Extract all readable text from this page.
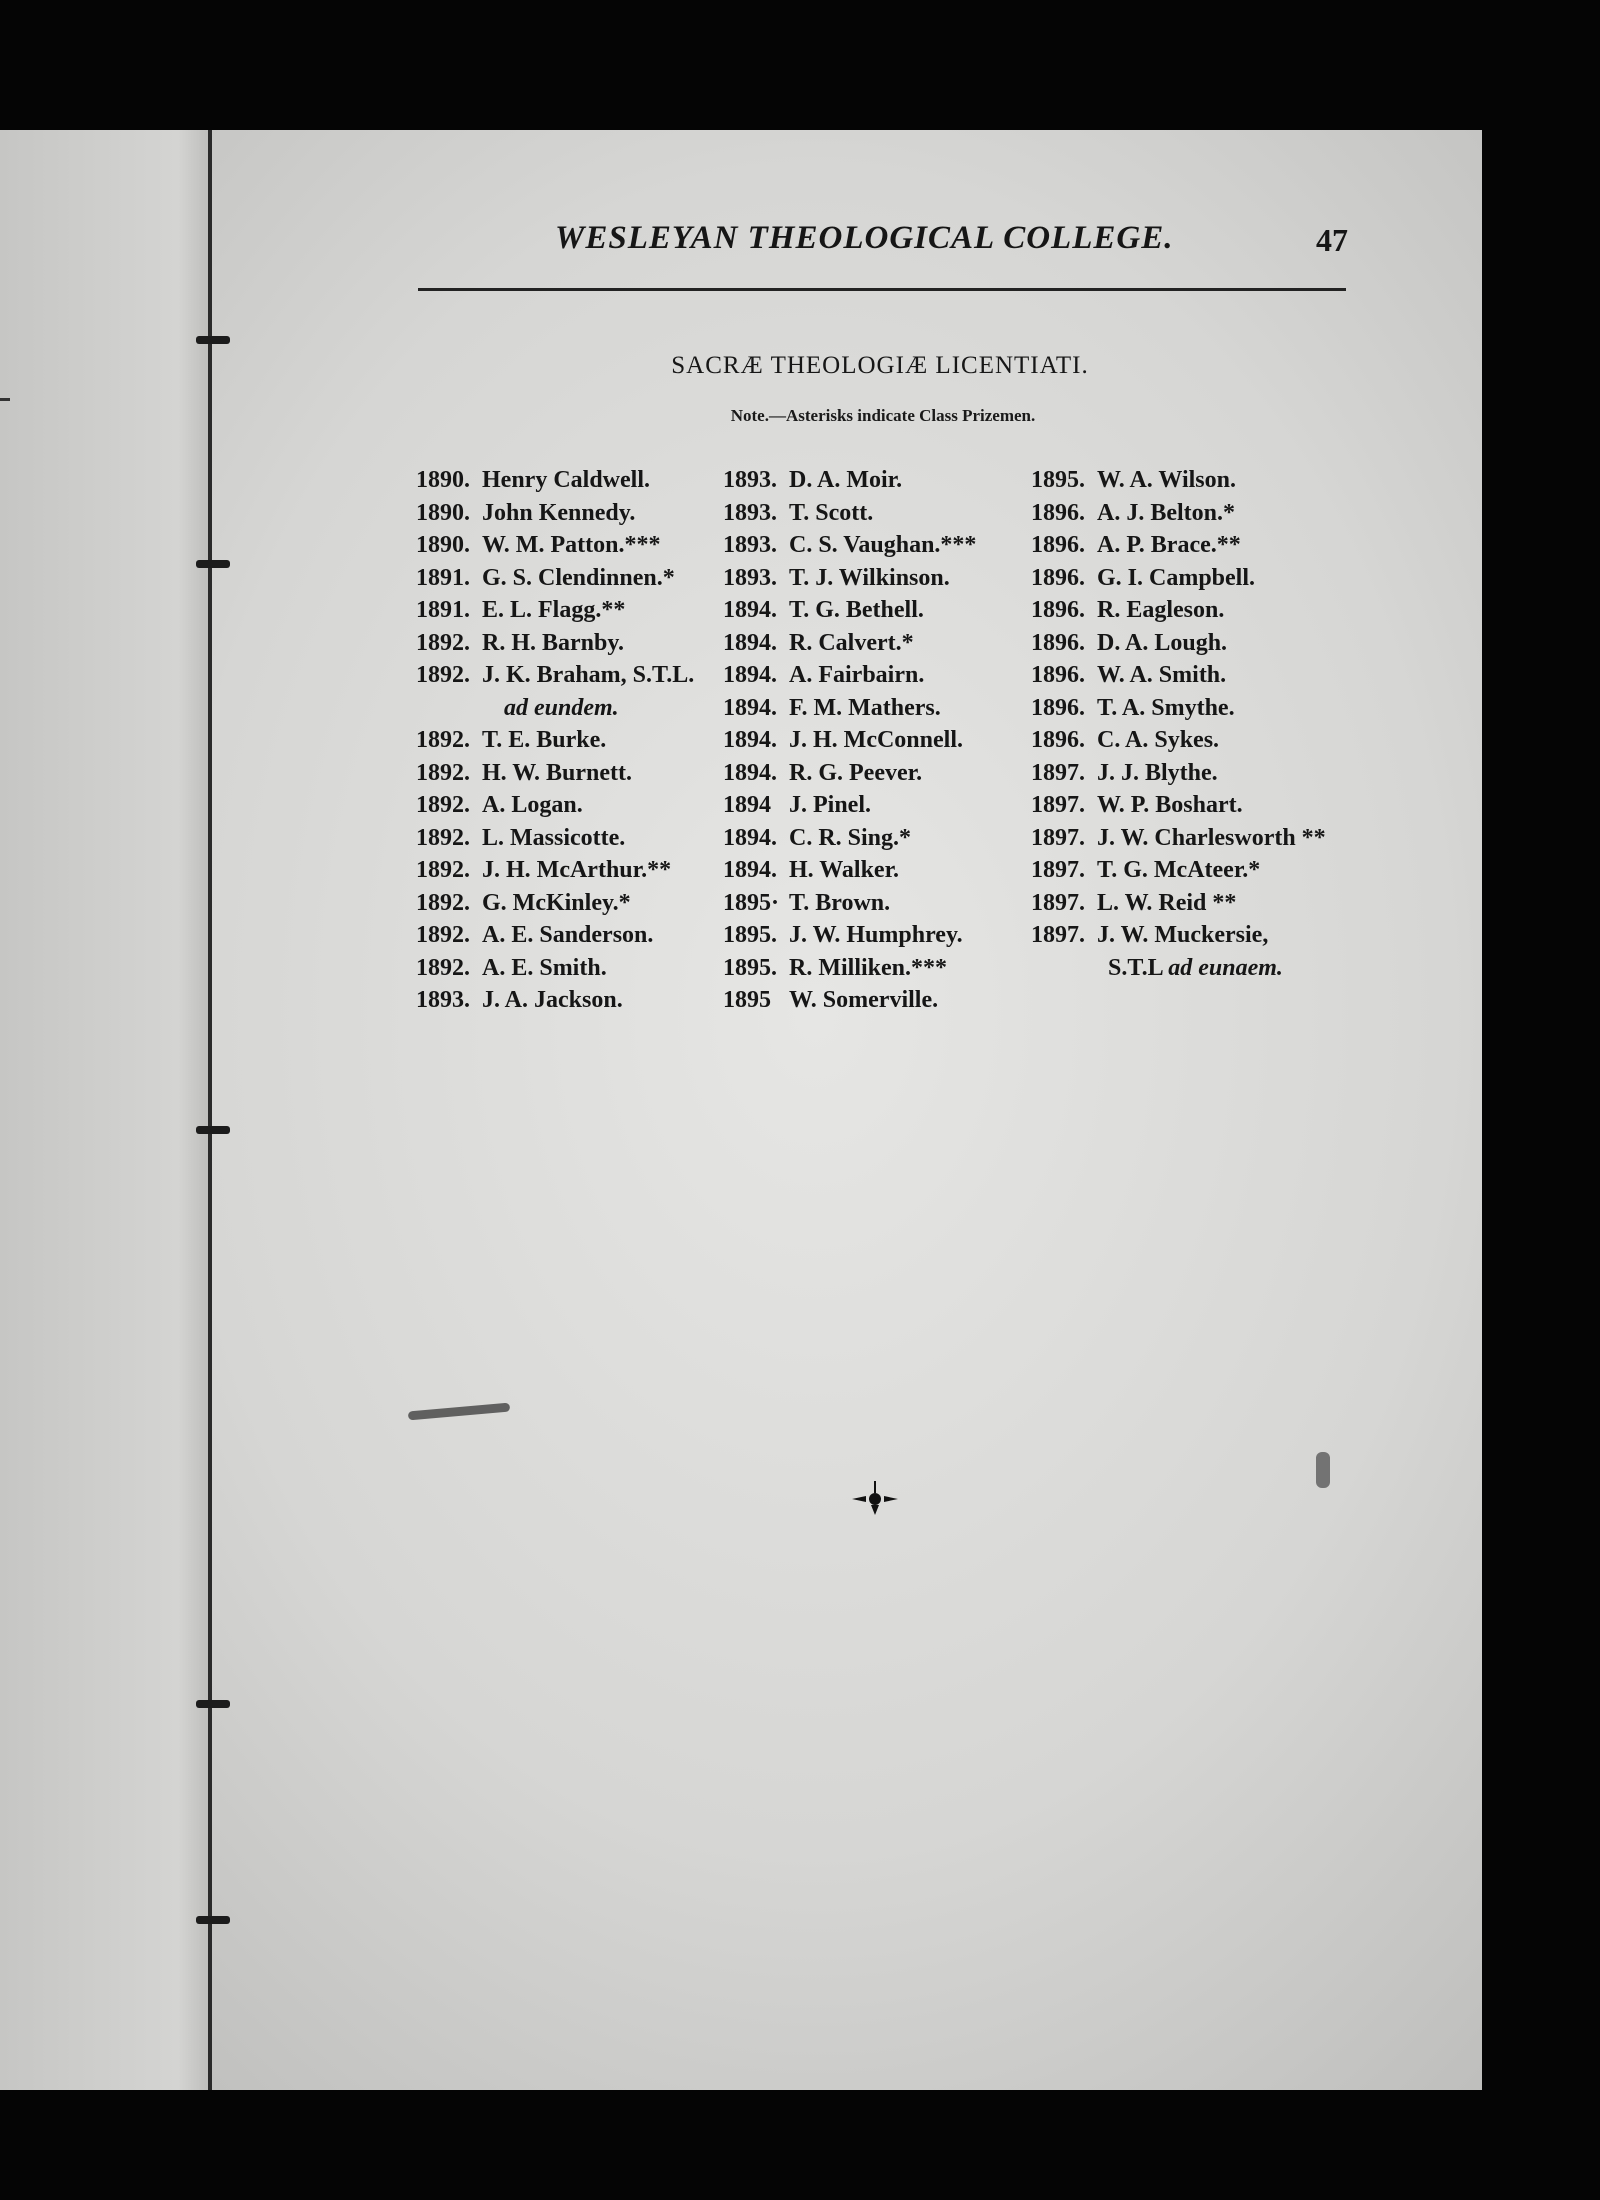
WESLEYAN THEOLOGICAL COLLEGE.	47
SACRÆ THEOLOGIÆ LICENTIATI.
Note.—Asterisks indicate Class Prizemen.
1890. Henry Caldwell.
1890. John Kennedy.
1890. W. M. Patton.***
1891. G. S. Clendinnen.*
1891. E. L. Flagg.**
1892. R. H. Barnby.
1892. J. K. Braham, S.T.L.
ad eundem.
1892. T. E. Burke.
1892. H. W. Burnett.
1892. A. Logan.
1892. L. Massicotte.
1892. J. H. McArthur.**
1892. G. McKinley.*
1892. A. E. Sanderson.
1892. A. E. Smith.
1893. J. A. Jackson.
1893. D. A. Moir.
1893. T. Scott.
1893. C. S. Vaughan.***
1893. T. J. Wilkinson.
1894. T. G. Bethell.
1894. R. Calvert.*
1894. A. Fairbairn.
1894. F. M. Mathers.
1894. J. H. McConnell.
1894. R. G. Peever.
1894 J. Pinel.
1894. C. R. Sing.*
1894. H. Walker.
1895· T. Brown.
1895. J. W. Humphrey.
1895. R. Milliken.***
1895 W. Somerville.
1895. W. A. Wilson.
1896. A. J. Belton.*
1896. A. P. Brace.**
1896. G. I. Campbell.
1896. R. Eagleson.
1896. D. A. Lough.
1896. W. A. Smith.
1896. T. A. Smythe.
1896. C. A. Sykes.
1897. J. J. Blythe.
1897. W. P. Boshart.
1897. J. W. Charlesworth **
1897. T. G. McAteer.*
1897. L. W. Reid **
1897. J. W. Muckersie,
S.T.L ad eunaem.
